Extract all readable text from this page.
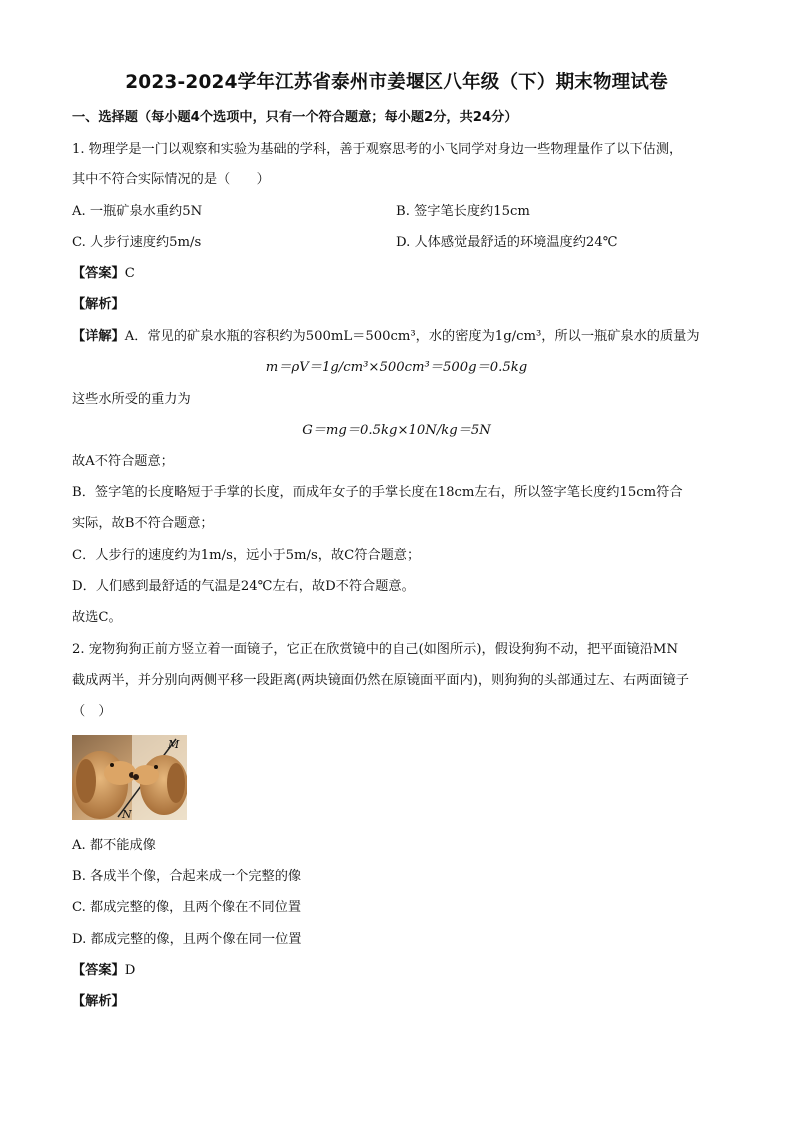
2023-2024学年江苏省泰州市姜堰区八年级（下）期末物理试卷
一、选择题（每小题4个选项中，只有一个符合题意；每小题2分，共24分）
1. 物理学是一门以观察和实验为基础的学科，善于观察思考的小飞同学对身边一些物理量作了以下估测，
其中不符合实际情况的是（　　）
A. 一瓶矿泉水重约5N	B. 签字笔长度约15cm
C. 人步行速度约5m/s	D. 人体感觉最舒适的环境温度约24℃
【答案】C
【解析】
【详解】A．常见的矿泉水瓶的容积约为500mL＝500cm³，水的密度为1g/cm³，所以一瓶矿泉水的质量为
m＝ρV＝1g/cm³×500cm³＝500g＝0.5kg
这些水所受的重力为
G＝mg＝0.5kg×10N/kg＝5N
故A不符合题意；
B．签字笔的长度略短于手掌的长度，而成年女子的手掌长度在18cm左右，所以签字笔长度约15cm符合
实际，故B不符合题意；
C．人步行的速度约为1m/s，远小于5m/s，故C符合题意；
D．人们感到最舒适的气温是24℃左右，故D不符合题意。
故选C。
2. 宠物狗狗正前方竖立着一面镜子，它正在欣赏镜中的自己(如图所示)，假设狗狗不动，把平面镜沿MN
截成两半，并分别向两侧平移一段距离(两块镜面仍然在原镜面平面内)，则狗狗的头部通过左、右两面镜子
（　）
M
N
A. 都不能成像
B. 各成半个像，合起来成一个完整的像
C. 都成完整的像，且两个像在不同位置
D. 都成完整的像，且两个像在同一位置
【答案】D
【解析】
